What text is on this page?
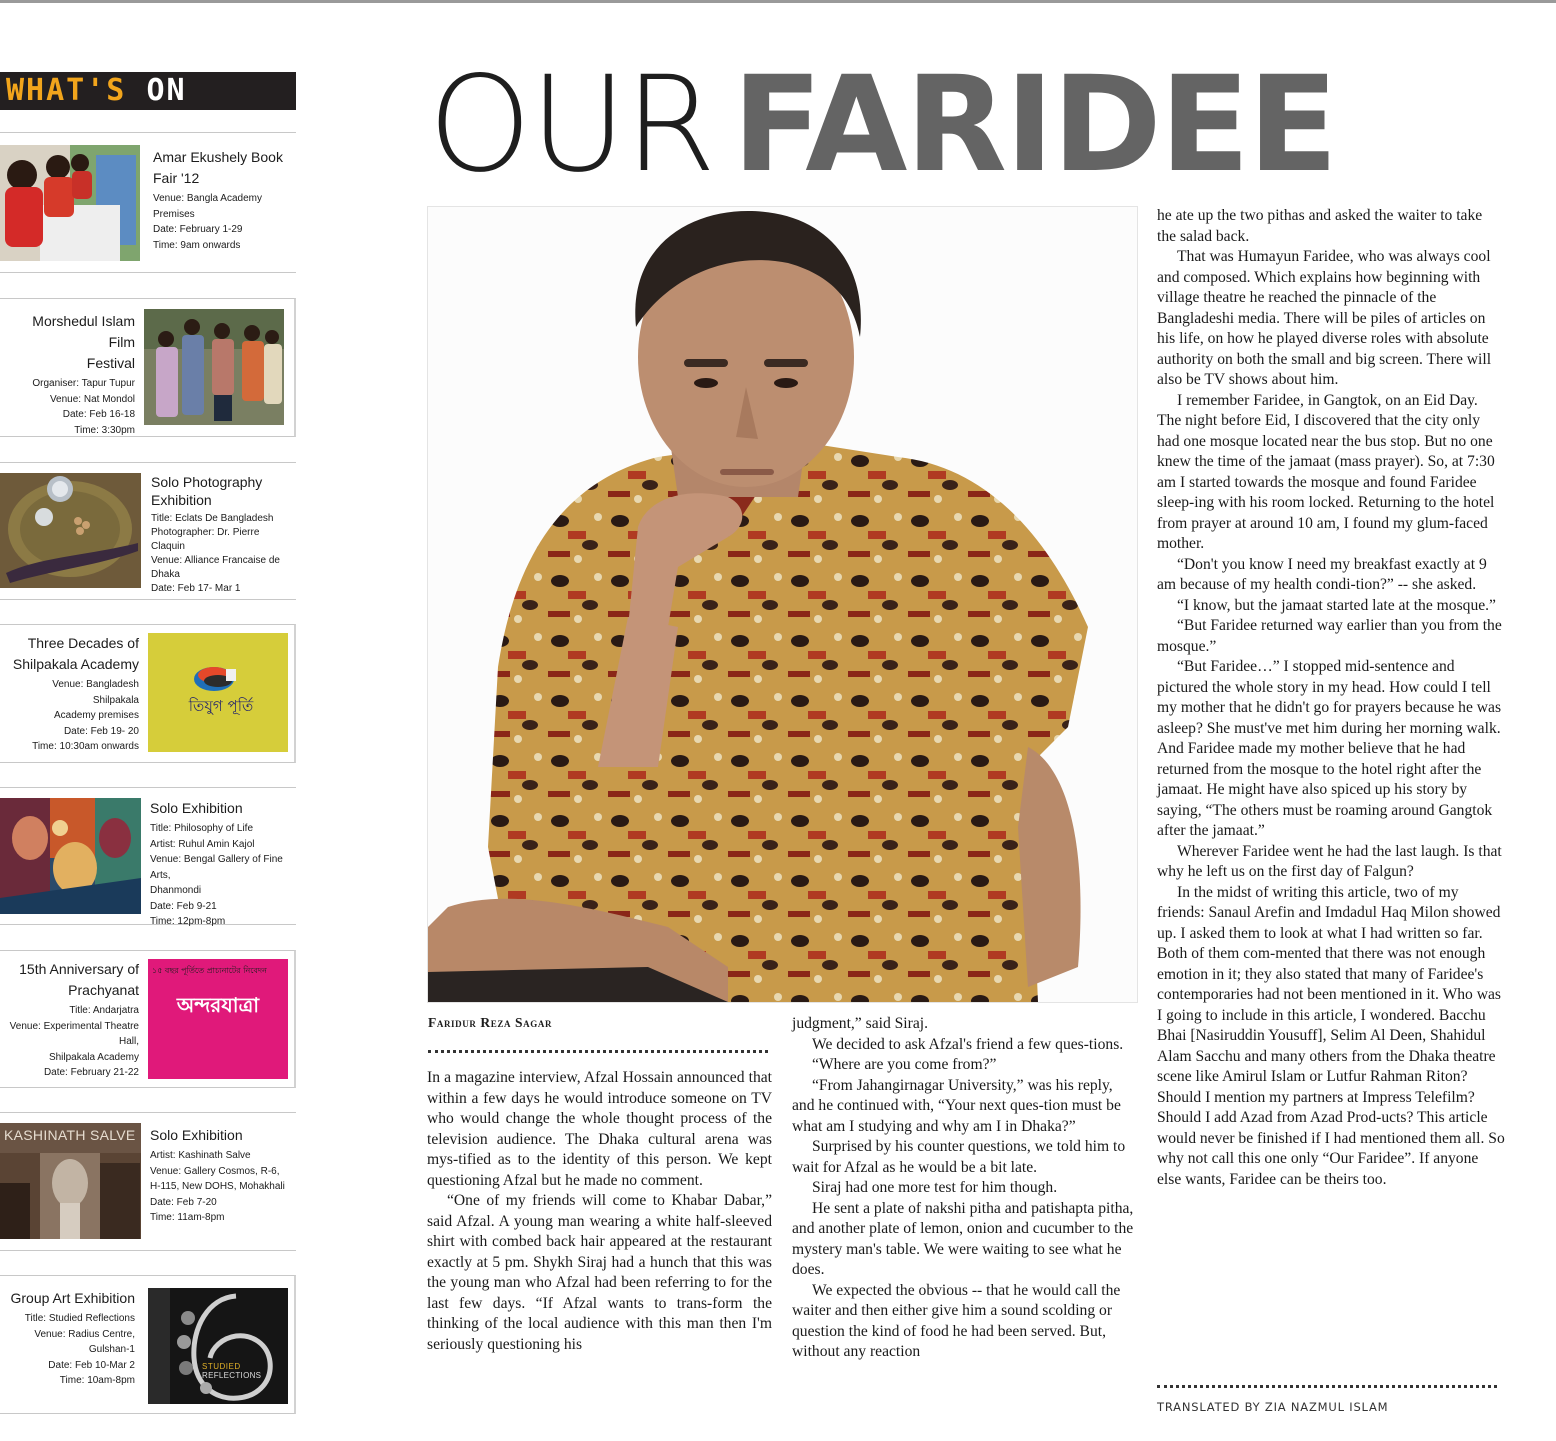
WHAT'S ON
Amar Ekushely Book
Fair '12
Venue: Bangla Academy Premises
Date: February 1-29
Time: 9am onwards
Morshedul Islam Film
Festival
Organiser: Tapur Tupur
Venue: Nat Mondol
Date: Feb 16-18
Time: 3:30pm
Solo Photography
Exhibition
Title: Eclats De Bangladesh
Photographer: Dr. Pierre Claquin
Venue: Alliance Francaise de
Dhaka
Date: Feb 17- Mar 1
তিযুগ পূর্তি
Three Decades of
Shilpakala Academy
Venue: Bangladesh Shilpakala
Academy premises
Date: Feb 19- 20
Time: 10:30am onwards
Solo Exhibition
Title: Philosophy of Life
Artist: Ruhul Amin Kajol
Venue: Bengal Gallery of Fine Arts,
Dhanmondi
Date: Feb 9-21
Time: 12pm-8pm
১৫ বছর পূর্তিতে প্রাচ্যনাটের নিবেদন
অন্দরযাত্রা
15th Anniversary of
Prachyanat
Title: Andarjatra
Venue: Experimental Theatre Hall,
Shilpakala Academy
Date: February 21-22
KASHINATH SALVE Solo Exhibition
Artist: Kashinath Salve
Venue: Gallery Cosmos, R-6,
H-115, New DOHS, Mohakhali
Date: Feb 7-20
Time: 11am-8pm
STUDIED
REFLECTIONS
Group Art Exhibition
Title: Studied Reflections
Venue: Radius Centre,
Gulshan-1
Date: Feb 10-Mar 2
Time: 10am-8pm
OUR FARIDEE
Faridur Reza Sagar

In a magazine interview, Afzal Hossain announced that within a few days he would introduce someone on TV who would change the whole thought process of the television audience. The Dhaka cultural arena was mys-tified as to the identity of this person. We kept questioning Afzal but he made no comment.

“One of my friends will come to Khabar Dabar,” said Afzal. A young man wearing a white half-sleeved shirt with combed back hair appeared at the restaurant exactly at 5 pm. Shykh Siraj had a hunch that this was the young man who Afzal had been referring to for the last few days. “If Afzal wants to trans-form the thinking of the local audience with this man then I'm seriously questioning his

judgment,” said Siraj.

We decided to ask Afzal's friend a few ques-tions.

“Where are you come from?”

“From Jahangirnagar University,” was his reply, and he continued with, “Your next ques-tion must be what am I studying and why am I in Dhaka?”

Surprised by his counter questions, we told him to wait for Afzal as he would be a bit late.

Siraj had one more test for him though.

He sent a plate of nakshi pitha and patishapta pitha, and another plate of lemon, onion and cucumber to the mystery man's table. We were waiting to see what he does.

We expected the obvious -- that he would call the waiter and then either give him a sound scolding or question the kind of food he had been served. But, without any reaction

he ate up the two pithas and asked the waiter to take the salad back.

That was Humayun Faridee, who was always cool and composed. Which explains how beginning with village theatre he reached the pinnacle of the Bangladeshi media. There will be piles of articles on his life, on how he played diverse roles with absolute authority on both the small and big screen. There will also be TV shows about him.

I remember Faridee, in Gangtok, on an Eid Day. The night before Eid, I discovered that the city only had one mosque located near the bus stop. But no one knew the time of the jamaat (mass prayer). So, at 7:30 am I started towards the mosque and found Faridee sleep-ing with his room locked. Returning to the hotel from prayer at around 10 am, I found my glum-faced mother.

“Don't you know I need my breakfast exactly at 9 am because of my health condi-tion?” -- she asked.

“I know, but the jamaat started late at the mosque.”

“But Faridee returned way earlier than you from the mosque.”

“But Faridee…” I stopped mid-sentence and pictured the whole story in my head. How could I tell my mother that he didn't go for prayers because he was asleep? She must've met him during her morning walk. And Faridee made my mother believe that he had returned from the mosque to the hotel right after the jamaat. He might have also spiced up his story by saying, “The others must be roaming around Gangtok after the jamaat.”

Wherever Faridee went he had the last laugh. Is that why he left us on the first day of Falgun?

In the midst of writing this article, two of my friends: Sanaul Arefin and Imdadul Haq Milon showed up. I asked them to look at what I had written so far. Both of them com-mented that there was not enough emotion in it; they also stated that many of Faridee's contemporaries had not been mentioned in it. Who was I going to include in this article, I wondered. Bacchu Bhai [Nasiruddin Yousuff], Selim Al Deen, Shahidul Alam Sacchu and many others from the Dhaka theatre scene like Amirul Islam or Lutfur Rahman Riton? Should I mention my partners at Impress Telefilm? Should I add Azad from Azad Prod-ucts? This article would never be finished if I had mentioned them all. So why not call this one only “Our Faridee”. If anyone else wants, Faridee can be theirs too.

TRANSLATED BY ZIA NAZMUL ISLAM
